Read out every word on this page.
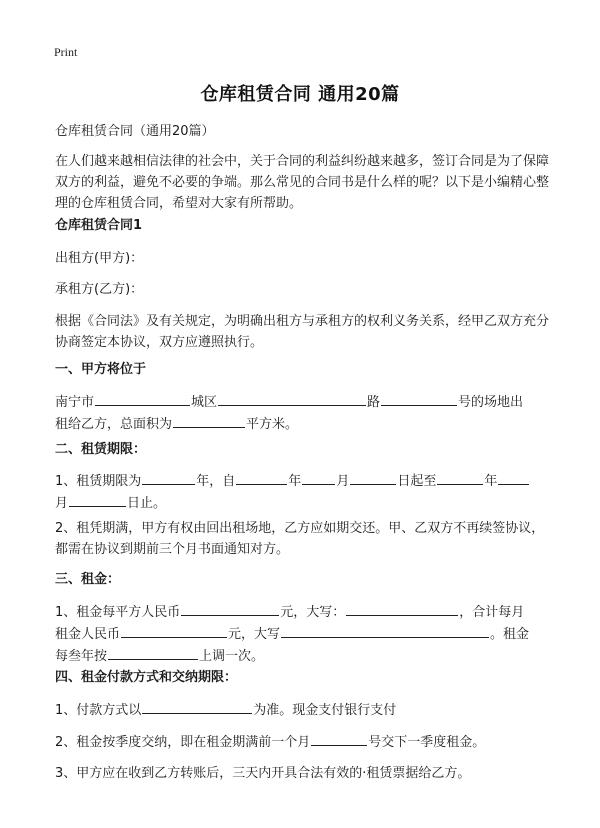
Print
仓库租赁合同 通用20篇
仓库租赁合同（通用20篇）
在人们越来越相信法律的社会中，关于合同的利益纠纷越来越多，签订合同是为了保障双方的利益，避免不必要的争端。那么常见的合同书是什么样的呢？以下是小编精心整理的仓库租赁合同，希望对大家有所帮助。
仓库租赁合同1
出租方(甲方)：
承租方(乙方)：
根据《合同法》及有关规定，为明确出租方与承租方的权利义务关系，经甲乙双方充分协商签定本协议，双方应遵照执行。
一、甲方将位于
南宁市	城区	路	号的场地出
租给乙方，总面积为	平方米。
二、租赁期限：
1、租赁期限为	年，自	年	月	日起至	年
月	日止。
2、租凭期满，甲方有权由回出租场地，乙方应如期交还。甲、乙双方不再续签协议，都需在协议到期前三个月书面通知对方。
三、租金：
1、租金每平方人民币	元，大写：	，合计每月
租金人民币	元，大写	。租金
每叁年按	上调一次。
四、租金付款方式和交纳期限：
1、付款方式以	为准。现金支付银行支付
2、租金按季度交纳，即在租金期满前一个月	号交下一季度租金。
3、甲方应在收到乙方转账后，三天内开具合法有效的·租赁票据给乙方。
